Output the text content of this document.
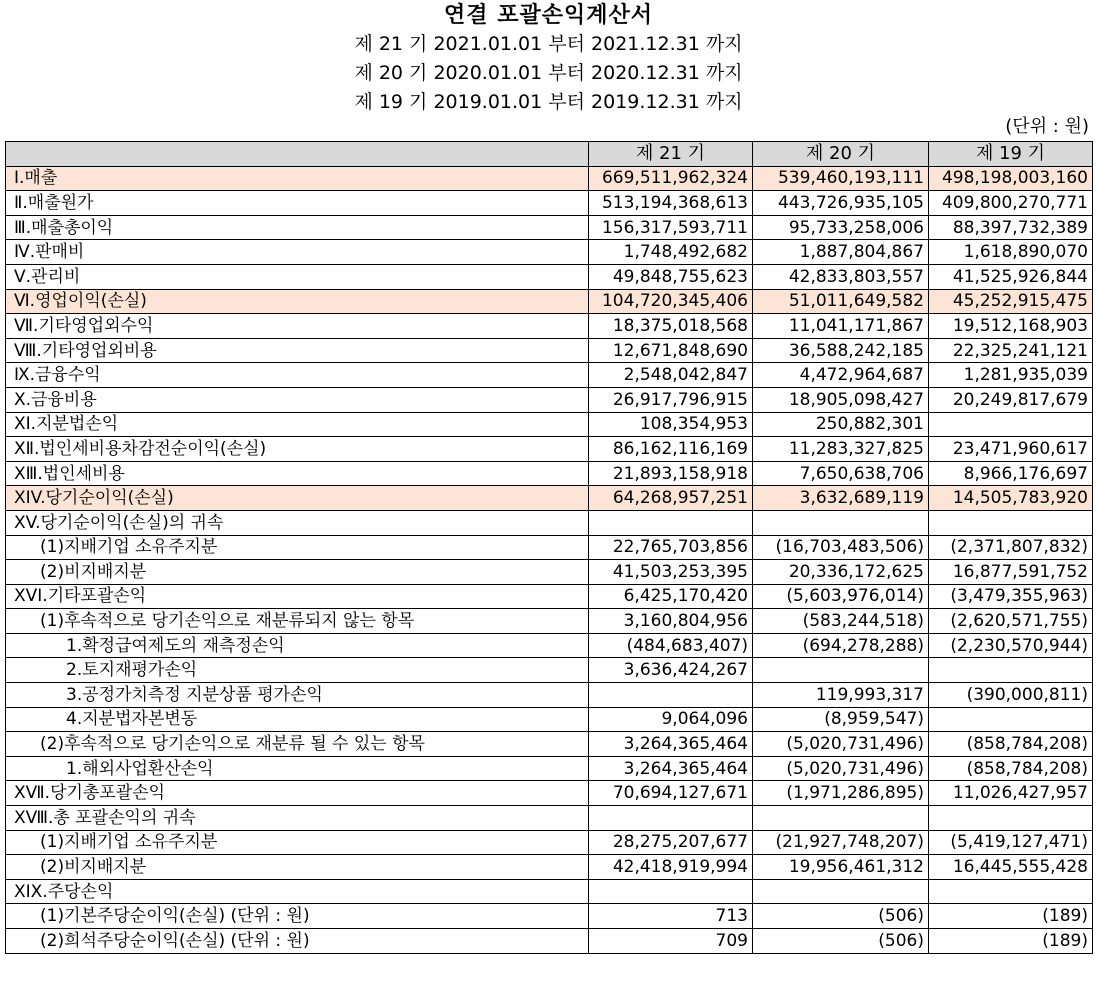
연결 포괄손익계산서
제 21 기 2021.01.01 부터 2021.12.31 까지
제 20 기 2020.01.01 부터 2020.12.31 까지
제 19 기 2019.01.01 부터 2019.12.31 까지
(단위 : 원)
	제 21 기	제 20 기	제 19 기
Ⅰ.매출	669,511,962,324	539,460,193,111	498,198,003,160
Ⅱ.매출원가	513,194,368,613	443,726,935,105	409,800,270,771
Ⅲ.매출총이익	156,317,593,711	95,733,258,006	88,397,732,389
Ⅳ.판매비	1,748,492,682	1,887,804,867	1,618,890,070
Ⅴ.관리비	49,848,755,623	42,833,803,557	41,525,926,844
Ⅵ.영업이익(손실)	104,720,345,406	51,011,649,582	45,252,915,475
Ⅶ.기타영업외수익	18,375,018,568	11,041,171,867	19,512,168,903
Ⅷ.기타영업외비용	12,671,848,690	36,588,242,185	22,325,241,121
Ⅸ.금융수익	2,548,042,847	4,472,964,687	1,281,935,039
Ⅹ.금융비용	26,917,796,915	18,905,098,427	20,249,817,679
XI.지분법손익	108,354,953	250,882,301	
XⅡ.법인세비용차감전순이익(손실)	86,162,116,169	11,283,327,825	23,471,960,617
XⅢ.법인세비용	21,893,158,918	7,650,638,706	8,966,176,697
XIV.당기순이익(손실)	64,268,957,251	3,632,689,119	14,505,783,920
XV.당기순이익(손실)의 귀속			
(1)지배기업 소유주지분	22,765,703,856	(16,703,483,506)	(2,371,807,832)
(2)비지배지분	41,503,253,395	20,336,172,625	16,877,591,752
XVI.기타포괄손익	6,425,170,420	(5,603,976,014)	(3,479,355,963)
(1)후속적으로 당기손익으로 재분류되지 않는 항목	3,160,804,956	(583,244,518)	(2,620,571,755)
1.확정급여제도의 재측정손익	(484,683,407)	(694,278,288)	(2,230,570,944)
2.토지재평가손익	3,636,424,267		
3.공정가치측정 지분상품 평가손익		119,993,317	(390,000,811)
4.지분법자본변동	9,064,096	(8,959,547)	
(2)후속적으로 당기손익으로 재분류 될 수 있는 항목	3,264,365,464	(5,020,731,496)	(858,784,208)
1.해외사업환산손익	3,264,365,464	(5,020,731,496)	(858,784,208)
XⅦ.당기총포괄손익	70,694,127,671	(1,971,286,895)	11,026,427,957
XⅧ.총 포괄손익의 귀속			
(1)지배기업 소유주지분	28,275,207,677	(21,927,748,207)	(5,419,127,471)
(2)비지배지분	42,418,919,994	19,956,461,312	16,445,555,428
XIX.주당손익			
(1)기본주당순이익(손실) (단위 : 원)	713	(506)	(189)
(2)희석주당순이익(손실) (단위 : 원)	709	(506)	(189)
